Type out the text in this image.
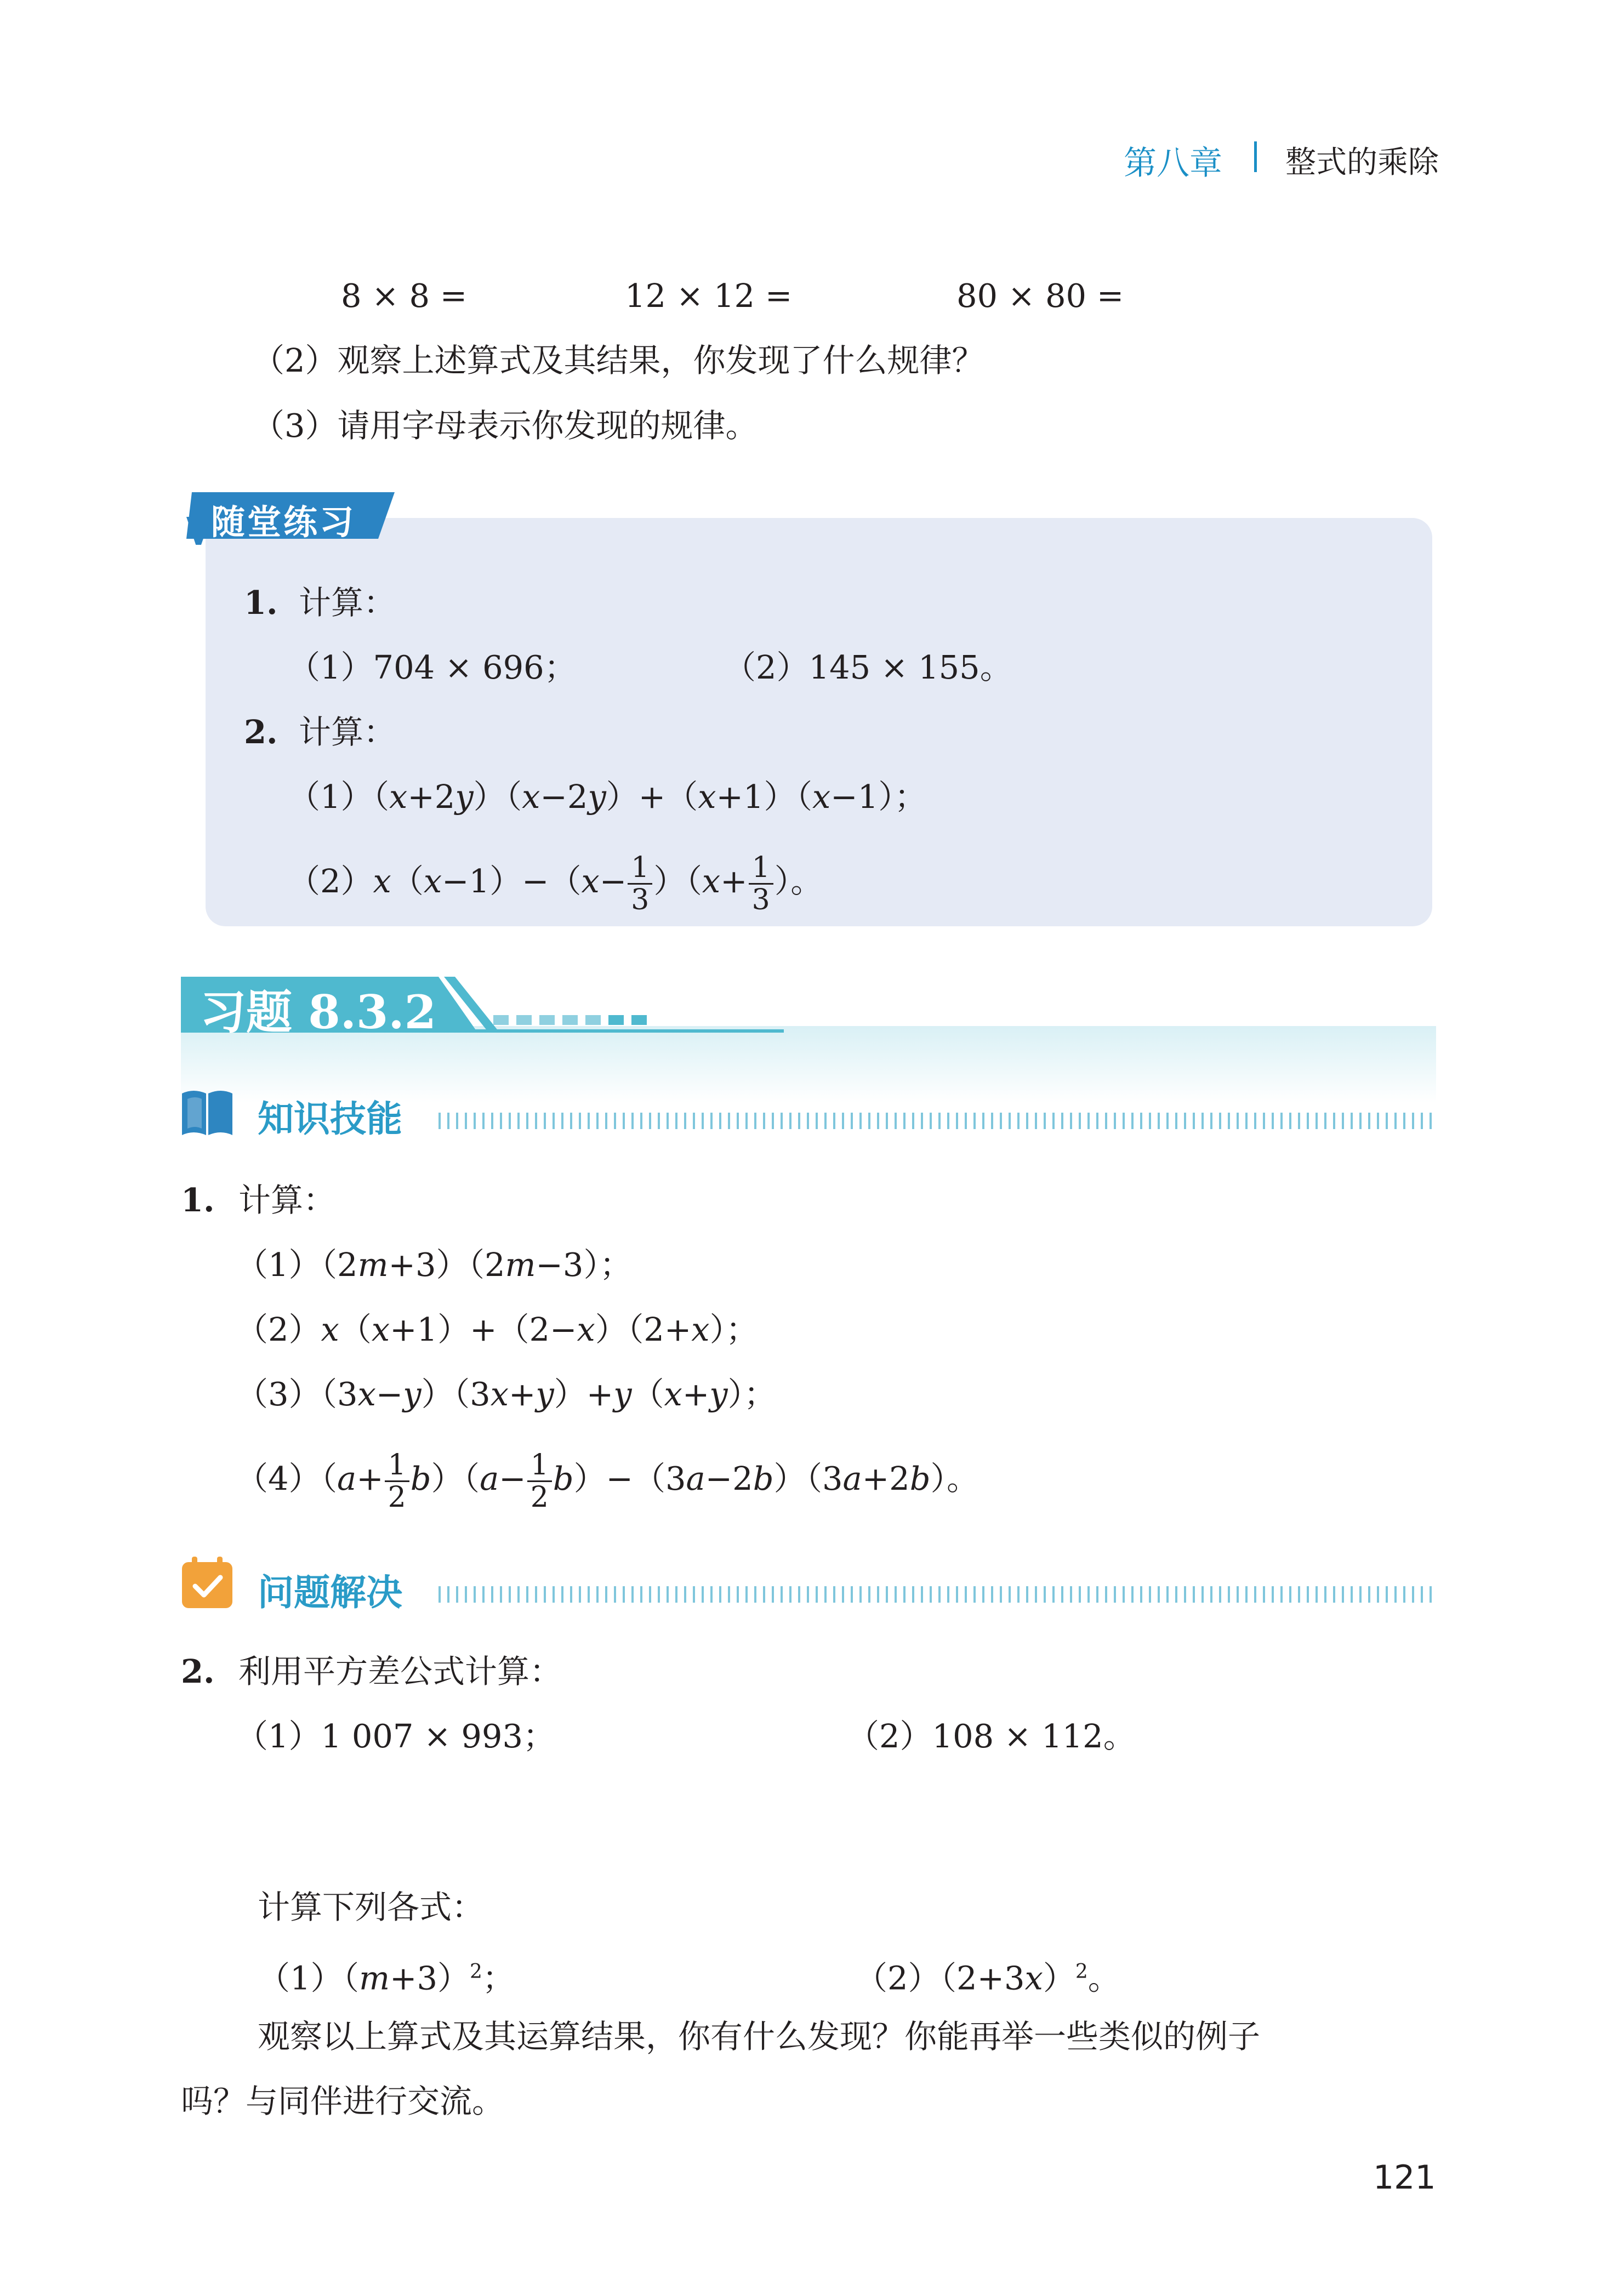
第八章 整式的乘除
8 × 8 =	12 × 12 =	80 × 80 =
（2）观察上述算式及其结果，你发现了什么规律？
（3）请用字母表示你发现的规律。
随堂练习
1. 计算：
（1）704 × 696；	（2）145 × 155。
2. 计算：
（1）（x+2y）（x−2y）+（x+1）（x−1）；
$(2)x(x-1)-(x- \frac{1}{3} )(x+ \frac{1}{3}$ ）。
习题 8.3.2
知识技能
1. 计算：
（1）（2m+3）（2m−3）；
（2）x（x+1）+（2−x）（2+x）；
（3）（3x−y）（3x+y）+y（x+y）；
$(4)(a+ \frac{1}{2} b)(a- \frac{1}{2} b)-(3a-2b)(3a+2b)$。
问题解决
2. 利用平方差公式计算：
（1）1 007 × 993；	（2）108 × 112。
计算下列各式：
$(1)(m+3)^2$；	$(2)(2+3x)^2$。
观察以上算式及其运算结果，你有什么发现？你能再举一些类似的例子
吗？与同伴进行交流。
121
